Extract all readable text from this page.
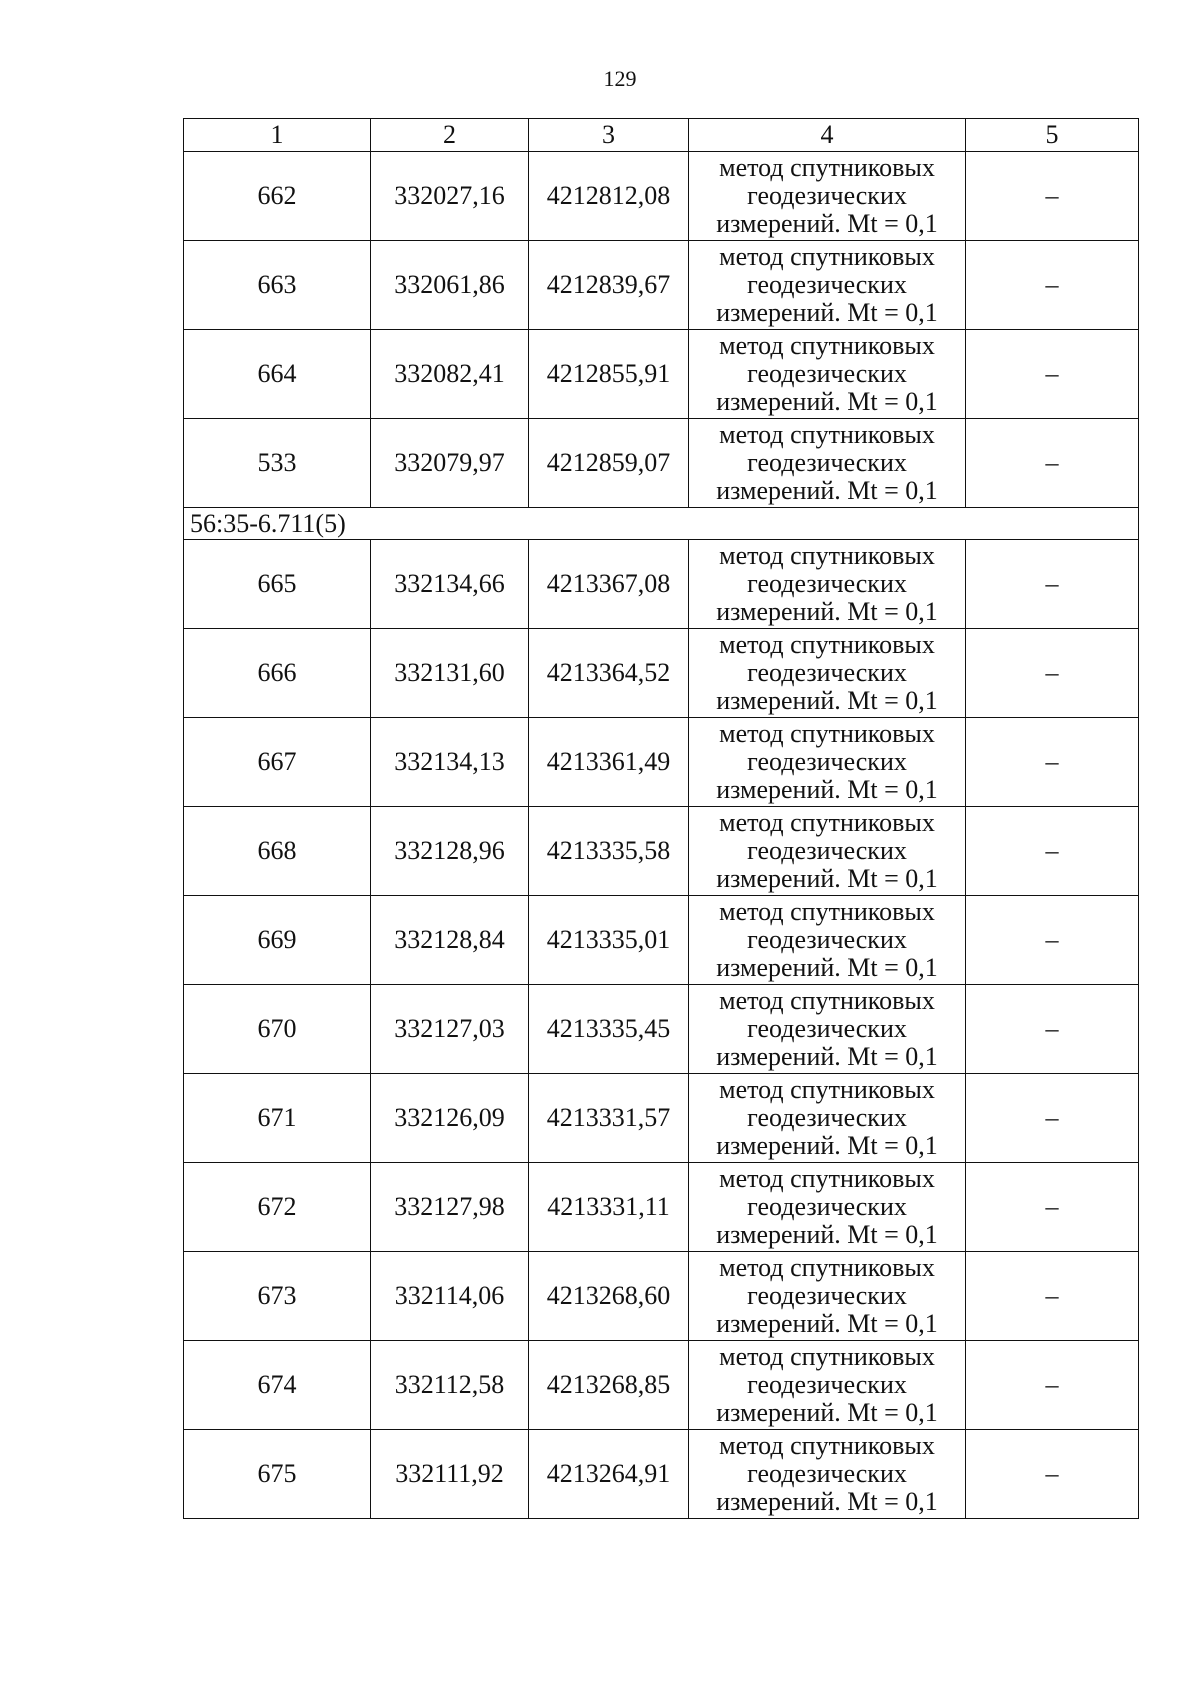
129
1	2	3	4	5
662	332027,16	4212812,08	метод спутниковых
геодезических
измерений. Mt = 0,1	–
663	332061,86	4212839,67	метод спутниковых
геодезических
измерений. Mt = 0,1	–
664	332082,41	4212855,91	метод спутниковых
геодезических
измерений. Mt = 0,1	–
533	332079,97	4212859,07	метод спутниковых
геодезических
измерений. Mt = 0,1	–
56:35-6.711(5)				
665	332134,66	4213367,08	метод спутниковых
геодезических
измерений. Mt = 0,1	–
666	332131,60	4213364,52	метод спутниковых
геодезических
измерений. Mt = 0,1	–
667	332134,13	4213361,49	метод спутниковых
геодезических
измерений. Mt = 0,1	–
668	332128,96	4213335,58	метод спутниковых
геодезических
измерений. Mt = 0,1	–
669	332128,84	4213335,01	метод спутниковых
геодезических
измерений. Mt = 0,1	–
670	332127,03	4213335,45	метод спутниковых
геодезических
измерений. Mt = 0,1	–
671	332126,09	4213331,57	метод спутниковых
геодезических
измерений. Mt = 0,1	–
672	332127,98	4213331,11	метод спутниковых
геодезических
измерений. Mt = 0,1	–
673	332114,06	4213268,60	метод спутниковых
геодезических
измерений. Mt = 0,1	–
674	332112,58	4213268,85	метод спутниковых
геодезических
измерений. Mt = 0,1	–
675	332111,92	4213264,91	метод спутниковых
геодезических
измерений. Mt = 0,1	–
